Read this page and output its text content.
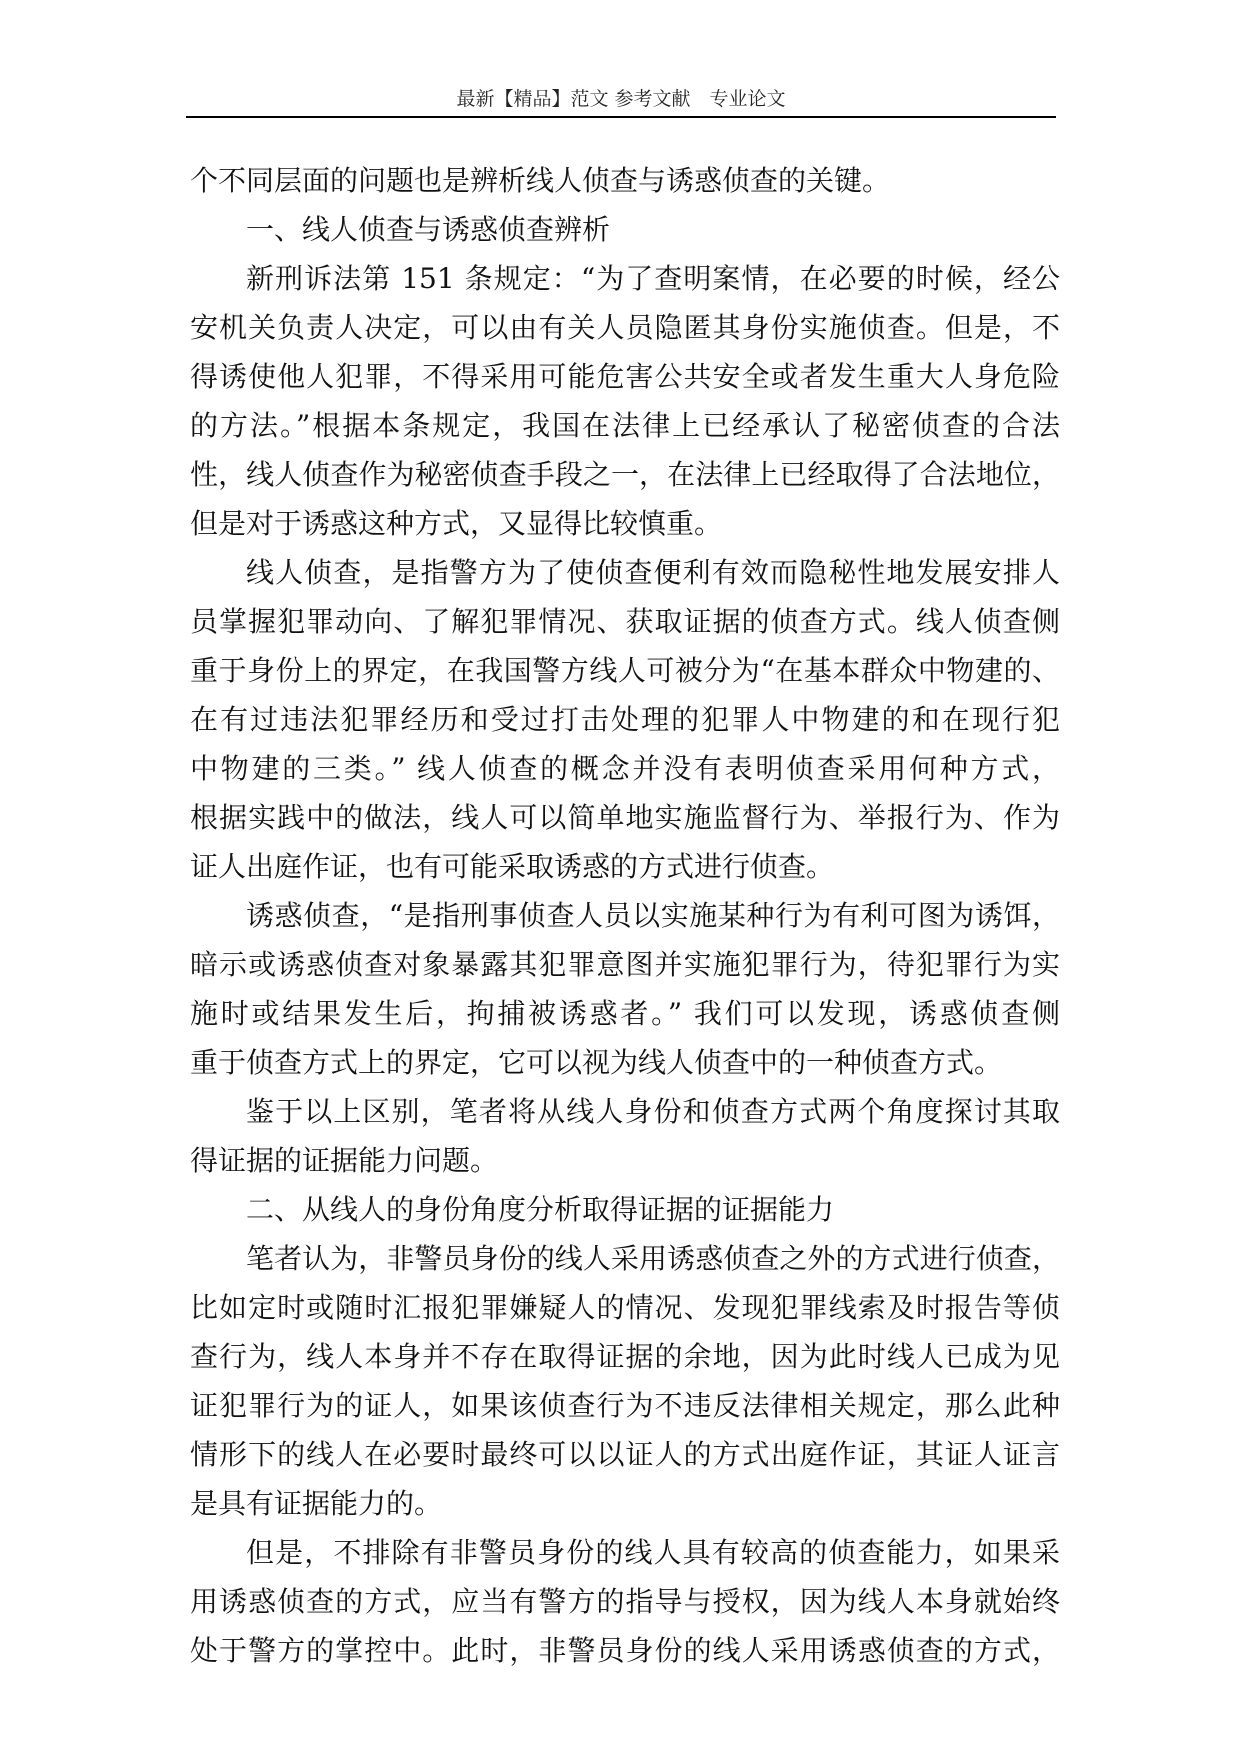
最新【精品】范文 参考文献　专业论文
个不同层面的问题也是辨析线人侦查与诱惑侦查的关键。
一、线人侦查与诱惑侦查辨析
新刑诉法第 151 条规定：“为了查明案情，在必要的时候，经公
安机关负责人决定，可以由有关人员隐匿其身份实施侦查。但是，不
得诱使他人犯罪，不得采用可能危害公共安全或者发生重大人身危险
的方法。”根据本条规定，我国在法律上已经承认了秘密侦查的合法
性，线人侦查作为秘密侦查手段之一，在法律上已经取得了合法地位，
但是对于诱惑这种方式，又显得比较慎重。
线人侦查，是指警方为了使侦查便利有效而隐秘性地发展安排人
员掌握犯罪动向、了解犯罪情况、获取证据的侦查方式。线人侦查侧
重于身份上的界定，在我国警方线人可被分为“在基本群众中物建的、
在有过违法犯罪经历和受过打击处理的犯罪人中物建的和在现行犯
中物建的三类。” 线人侦查的概念并没有表明侦查采用何种方式，
根据实践中的做法，线人可以简单地实施监督行为、举报行为、作为
证人出庭作证，也有可能采取诱惑的方式进行侦查。
诱惑侦查，“是指刑事侦查人员以实施某种行为有利可图为诱饵，
暗示或诱惑侦查对象暴露其犯罪意图并实施犯罪行为，待犯罪行为实
施时或结果发生后，拘捕被诱惑者。” 我们可以发现，诱惑侦查侧
重于侦查方式上的界定，它可以视为线人侦查中的一种侦查方式。
鉴于以上区别，笔者将从线人身份和侦查方式两个角度探讨其取
得证据的证据能力问题。
二、从线人的身份角度分析取得证据的证据能力
笔者认为，非警员身份的线人采用诱惑侦查之外的方式进行侦查，
比如定时或随时汇报犯罪嫌疑人的情况、发现犯罪线索及时报告等侦
查行为，线人本身并不存在取得证据的余地，因为此时线人已成为见
证犯罪行为的证人，如果该侦查行为不违反法律相关规定，那么此种
情形下的线人在必要时最终可以以证人的方式出庭作证，其证人证言
是具有证据能力的。
但是，不排除有非警员身份的线人具有较高的侦查能力，如果采
用诱惑侦查的方式，应当有警方的指导与授权，因为线人本身就始终
处于警方的掌控中。此时，非警员身份的线人采用诱惑侦查的方式，
